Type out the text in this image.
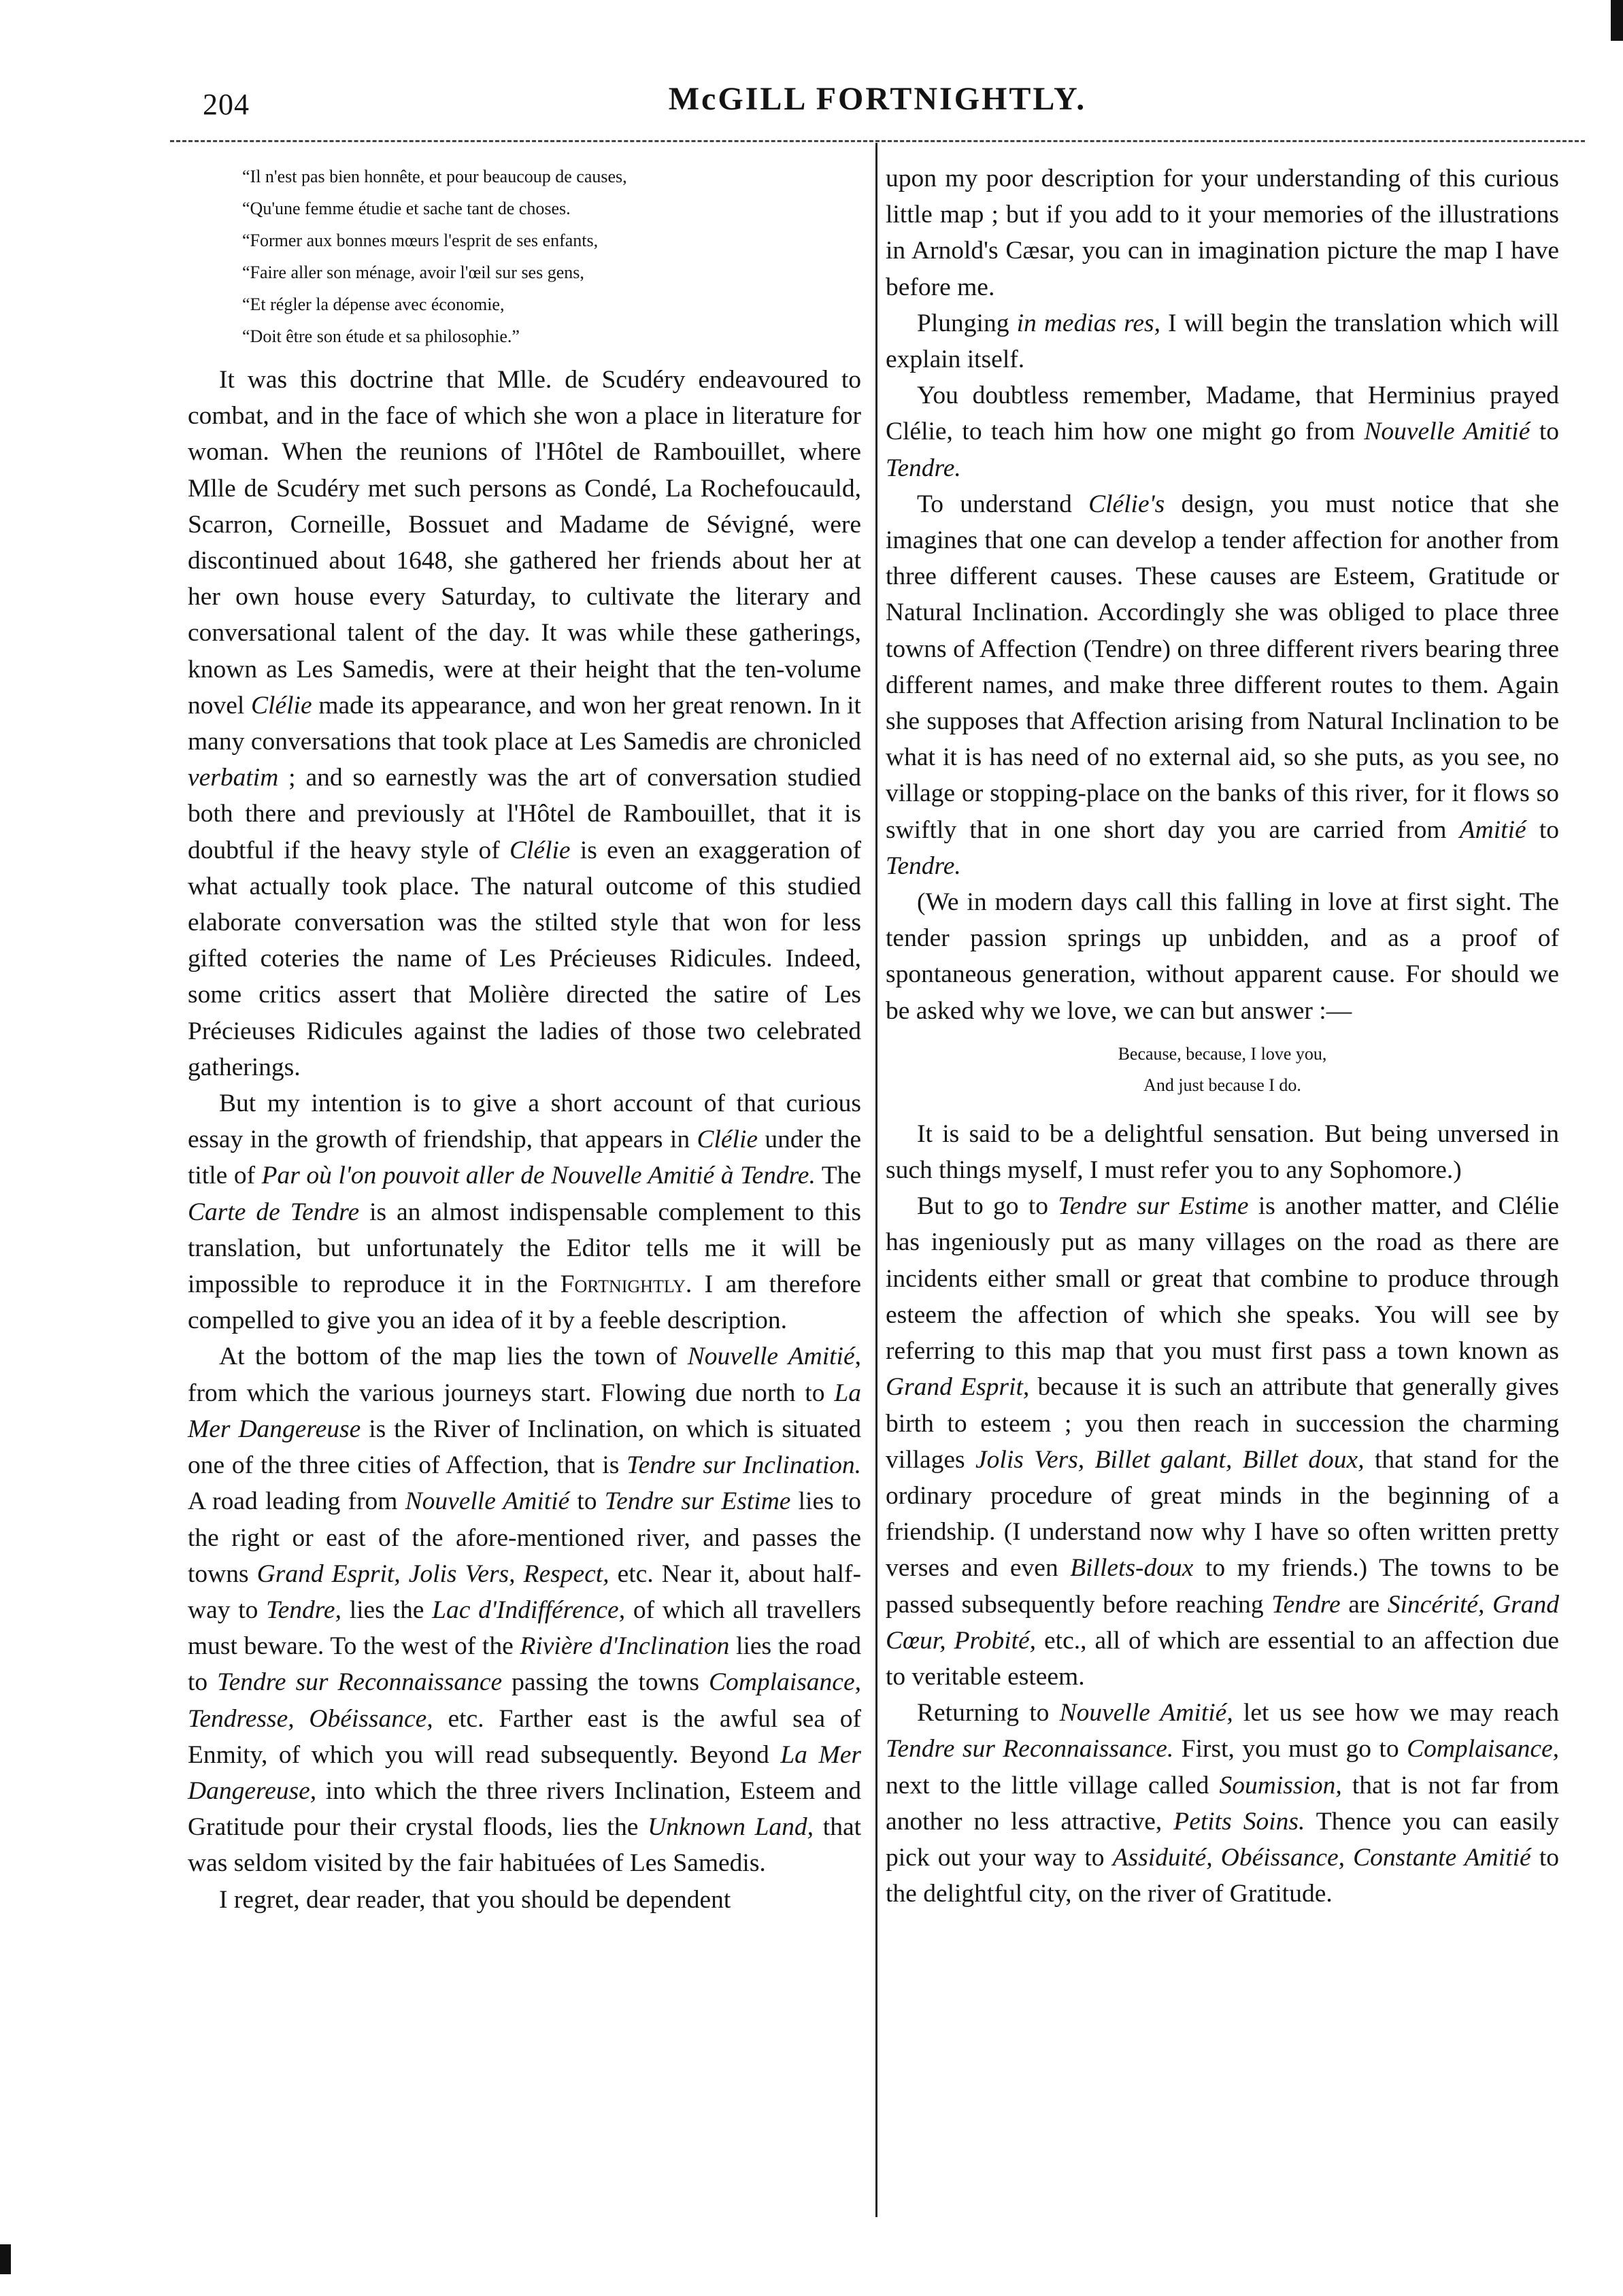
204	McGILL FORTNIGHTLY.
“Il n'est pas bien honnête, et pour beaucoup de causes,
“Qu'une femme étudie et sache tant de choses.
“Former aux bonnes mœurs l'esprit de ses enfants,
“Faire aller son ménage, avoir l'œil sur ses gens,
“Et régler la dépense avec économie,
“Doit être son étude et sa philosophie.”

It was this doctrine that Mlle. de Scudéry endeavoured to combat, and in the face of which she won a place in literature for woman. When the reunions of l'Hôtel de Rambouillet, where Mlle de Scudéry met such persons as Condé, La Rochefoucauld, Scarron, Corneille, Bossuet and Madame de Sévigné, were discontinued about 1648, she gathered her friends about her at her own house every Saturday, to cultivate the literary and conversational talent of the day. It was while these gatherings, known as Les Samedis, were at their height that the ten-volume novel Clélie made its appearance, and won her great renown. In it many conversations that took place at Les Samedis are chronicled verbatim ; and so earnestly was the art of conversation studied both there and previously at l'Hôtel de Rambouillet, that it is doubtful if the heavy style of Clélie is even an exaggeration of what actually took place. The natural outcome of this studied elaborate conversation was the stilted style that won for less gifted coteries the name of Les Précieuses Ridicules. Indeed, some critics assert that Molière directed the satire of Les Précieuses Ridicules against the ladies of those two celebrated gatherings.

But my intention is to give a short account of that curious essay in the growth of friendship, that appears in Clélie under the title of Par où l'on pouvoit aller de Nouvelle Amitié à Tendre. The Carte de Tendre is an almost indispensable complement to this translation, but unfortunately the Editor tells me it will be impossible to reproduce it in the Fortnightly. I am therefore compelled to give you an idea of it by a feeble description.

At the bottom of the map lies the town of Nouvelle Amitié, from which the various journeys start. Flowing due north to La Mer Dangereuse is the River of Inclination, on which is situated one of the three cities of Affection, that is Tendre sur Inclination. A road leading from Nouvelle Amitié to Tendre sur Estime lies to the right or east of the afore-mentioned river, and passes the towns Grand Esprit, Jolis Vers, Respect, etc. Near it, about half-way to Tendre, lies the Lac d'Indifférence, of which all travellers must beware. To the west of the Rivière d'Inclination lies the road to Tendre sur Reconnaissance passing the towns Complaisance, Tendresse, Obéissance, etc. Farther east is the awful sea of Enmity, of which you will read subsequently. Beyond La Mer Dangereuse, into which the three rivers Inclination, Esteem and Gratitude pour their crystal floods, lies the Unknown Land, that was seldom visited by the fair habituées of Les Samedis.

I regret, dear reader, that you should be dependent

upon my poor description for your understanding of this curious little map ; but if you add to it your memories of the illustrations in Arnold's Cæsar, you can in imagination picture the map I have before me.

Plunging in medias res, I will begin the translation which will explain itself.

You doubtless remember, Madame, that Herminius prayed Clélie, to teach him how one might go from Nouvelle Amitié to Tendre.

To understand Clélie's design, you must notice that she imagines that one can develop a tender affection for another from three different causes. These causes are Esteem, Gratitude or Natural Inclination. Accordingly she was obliged to place three towns of Affection (Tendre) on three different rivers bearing three different names, and make three different routes to them. Again she supposes that Affection arising from Natural Inclination to be what it is has need of no external aid, so she puts, as you see, no village or stopping-place on the banks of this river, for it flows so swiftly that in one short day you are carried from Amitié to Tendre.

(We in modern days call this falling in love at first sight. The tender passion springs up unbidden, and as a proof of spontaneous generation, without apparent cause. For should we be asked why we love, we can but answer :—

Because, because, I love you,
And just because I do.

It is said to be a delightful sensation. But being unversed in such things myself, I must refer you to any Sophomore.)

But to go to Tendre sur Estime is another matter, and Clélie has ingeniously put as many villages on the road as there are incidents either small or great that combine to produce through esteem the affection of which she speaks. You will see by referring to this map that you must first pass a town known as Grand Esprit, because it is such an attribute that generally gives birth to esteem ; you then reach in succession the charming villages Jolis Vers, Billet galant, Billet doux, that stand for the ordinary procedure of great minds in the beginning of a friendship. (I understand now why I have so often written pretty verses and even Billets-doux to my friends.) The towns to be passed subsequently before reaching Tendre are Sincérité, Grand Cœur, Probité, etc., all of which are essential to an affection due to veritable esteem.

Returning to Nouvelle Amitié, let us see how we may reach Tendre sur Reconnaissance. First, you must go to Complaisance, next to the little village called Soumission, that is not far from another no less attractive, Petits Soins. Thence you can easily pick out your way to Assiduité, Obéissance, Constante Amitié to the delightful city, on the river of Gratitude.
